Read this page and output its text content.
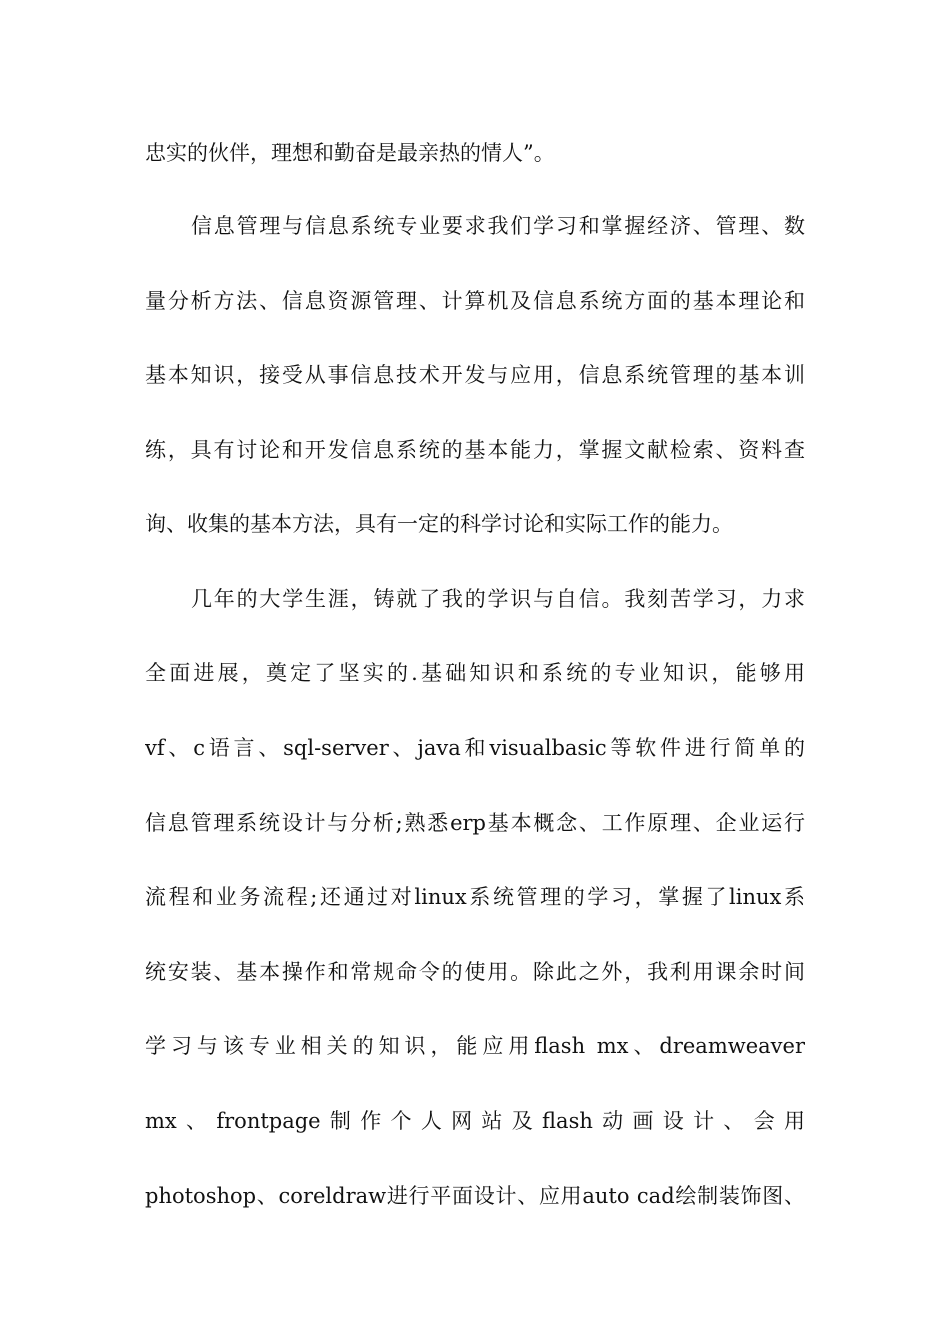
忠实的伙伴，理想和勤奋是最亲热的情人”。
信息管理与信息系统专业要求我们学习和掌握经济、管理、数
量分析方法、信息资源管理、计算机及信息系统方面的基本理论和
基本知识，接受从事信息技术开发与应用，信息系统管理的基本训
练，具有讨论和开发信息系统的基本能力，掌握文献检索、资料查
询、收集的基本方法，具有一定的科学讨论和实际工作的能力。
几年的大学生涯，铸就了我的学识与自信。我刻苦学习，力求
全面进展，奠定了坚实的.基础知识和系统的专业知识，能够用
vf、c语言、sql-server、java和visualbasic等软件进行简单的
信息管理系统设计与分析;熟悉erp基本概念、工作原理、企业运行
流程和业务流程;还通过对linux系统管理的学习，掌握了linux系
统安装、基本操作和常规命令的使用。除此之外，我利用课余时间
学习与该专业相关的知识，能应用flash mx、dreamweaver
mx、frontpage制作个人网站及flash动画设计、会用
photoshop、coreldraw进行平面设计、应用auto cad绘制装饰图、
